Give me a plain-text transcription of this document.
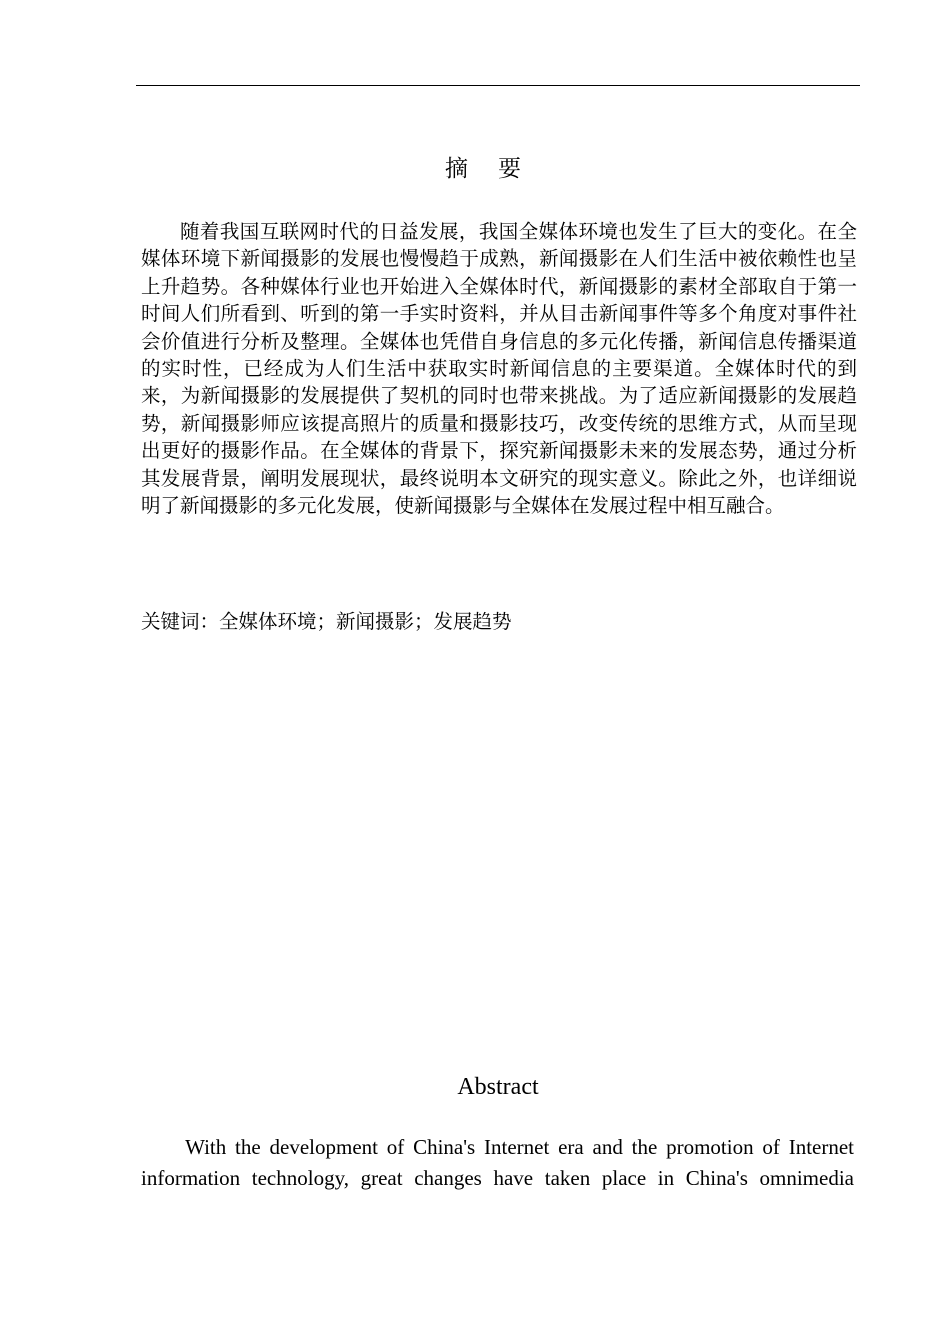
摘要

随着我国互联网时代的日益发展，我国全媒体环境也发生了巨大的变化。在全媒体环境下新闻摄影的发展也慢慢趋于成熟，新闻摄影在人们生活中被依赖性也呈上升趋势。各种媒体行业也开始进入全媒体时代，新闻摄影的素材全部取自于第一时间人们所看到、听到的第一手实时资料，并从目击新闻事件等多个角度对事件社会价值进行分析及整理。全媒体也凭借自身信息的多元化传播，新闻信息传播渠道的实时性，已经成为人们生活中获取实时新闻信息的主要渠道。全媒体时代的到来，为新闻摄影的发展提供了契机的同时也带来挑战。为了适应新闻摄影的发展趋势，新闻摄影师应该提高照片的质量和摄影技巧，改变传统的思维方式，从而呈现出更好的摄影作品。在全媒体的背景下，探究新闻摄影未来的发展态势，通过分析其发展背景，阐明发展现状，最终说明本文研究的现实意义。除此之外，也详细说明了新闻摄影的多元化发展，使新闻摄影与全媒体在发展过程中相互融合。

关键词：全媒体环境；新闻摄影；发展趋势

Abstract

With the development of China's Internet era and the promotion of Internet information technology, great changes have taken place in China's omnimedia
